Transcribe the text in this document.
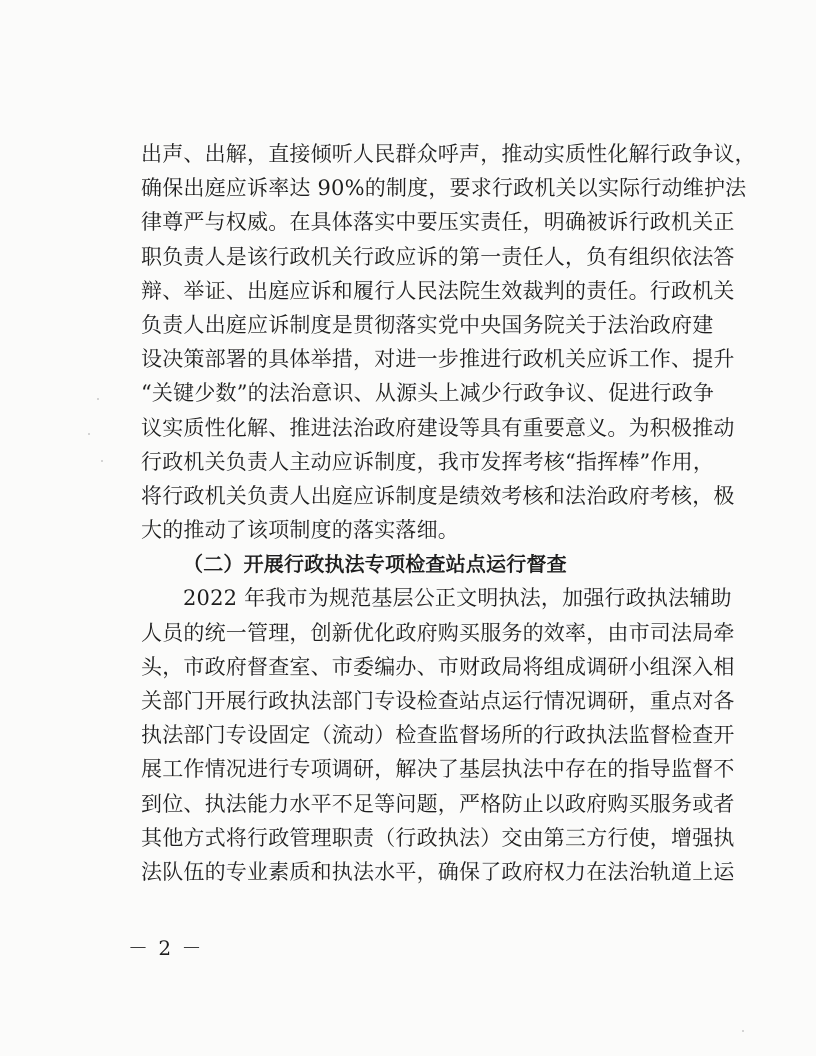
出声、出解，直接倾听人民群众呼声，推动实质性化解行政争议，
确保出庭应诉率达 90%的制度，要求行政机关以实际行动维护法
律尊严与权威。在具体落实中要压实责任，明确被诉行政机关正
职负责人是该行政机关行政应诉的第一责任人，负有组织依法答
辩、举证、出庭应诉和履行人民法院生效裁判的责任。行政机关
负责人出庭应诉制度是贯彻落实党中央国务院关于法治政府建
设决策部署的具体举措，对进一步推进行政机关应诉工作、提升
“关键少数”的法治意识、从源头上减少行政争议、促进行政争
议实质性化解、推进法治政府建设等具有重要意义。为积极推动
行政机关负责人主动应诉制度，我市发挥考核“指挥棒”作用，
将行政机关负责人出庭应诉制度是绩效考核和法治政府考核，极
大的推动了该项制度的落实落细。
（二）开展行政执法专项检查站点运行督查
2022 年我市为规范基层公正文明执法，加强行政执法辅助
人员的统一管理，创新优化政府购买服务的效率，由市司法局牵
头，市政府督查室、市委编办、市财政局将组成调研小组深入相
关部门开展行政执法部门专设检查站点运行情况调研，重点对各
执法部门专设固定（流动）检查监督场所的行政执法监督检查开
展工作情况进行专项调研，解决了基层执法中存在的指导监督不
到位、执法能力水平不足等问题，严格防止以政府购买服务或者
其他方式将行政管理职责（行政执法）交由第三方行使，增强执
法队伍的专业素质和执法水平，确保了政府权力在法治轨道上运
－ 2 －
